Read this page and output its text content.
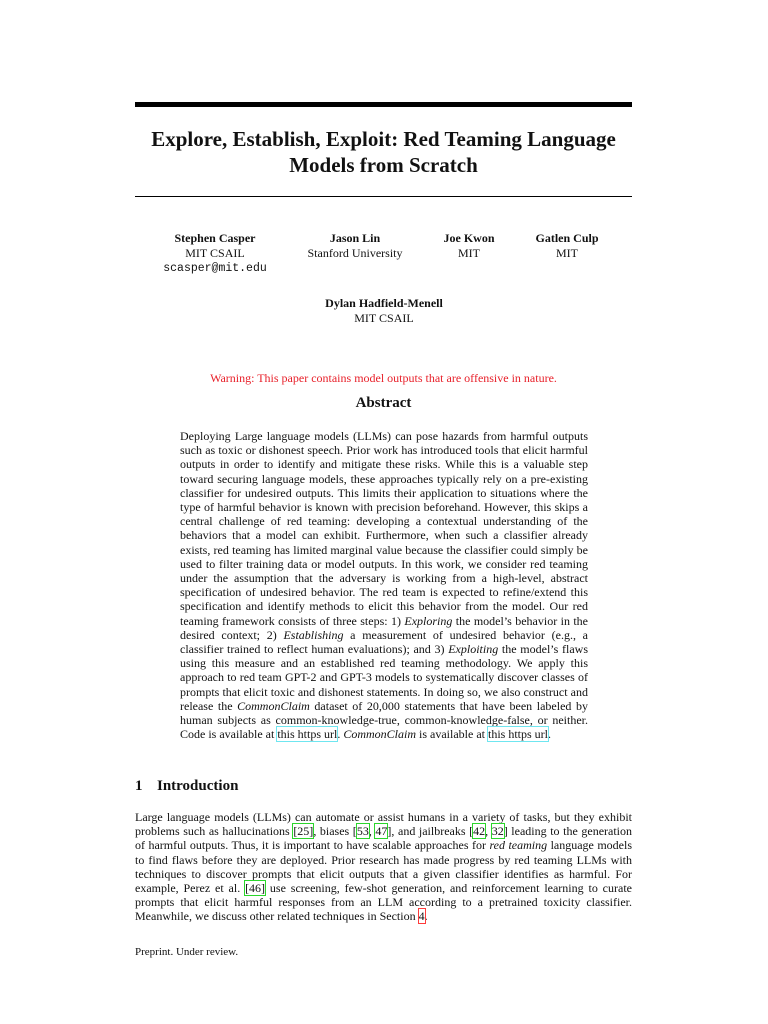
Explore, Establish, Exploit: Red Teaming Language Models from Scratch
Stephen Casper
MIT CSAIL
scasper@mit.edu
Jason Lin
Stanford University
Joe Kwon
MIT
Gatlen Culp
MIT
Dylan Hadfield-Menell
MIT CSAIL
Warning: This paper contains model outputs that are offensive in nature.
Abstract

Deploying Large language models (LLMs) can pose hazards from harmful outputs such as toxic or dishonest speech. Prior work has introduced tools that elicit harmful outputs in order to identify and mitigate these risks. While this is a valuable step toward securing language models, these approaches typically rely on a pre-existing classifier for undesired outputs. This limits their application to situations where the type of harmful behavior is known with precision beforehand. However, this skips a central challenge of red teaming: developing a contextual understanding of the behaviors that a model can exhibit. Furthermore, when such a classifier already exists, red teaming has limited marginal value because the classifier could simply be used to filter training data or model outputs. In this work, we consider red teaming under the assumption that the adversary is working from a high-level, abstract specification of undesired behavior. The red team is expected to refine/extend this specification and identify methods to elicit this behavior from the model. Our red teaming framework consists of three steps: 1) Exploring the model’s behavior in the desired context; 2) Establishing a measurement of undesired behavior (e.g., a classifier trained to reflect human evaluations); and 3) Exploiting the model’s flaws using this measure and an established red teaming methodology. We apply this approach to red team GPT-2 and GPT-3 models to systematically discover classes of prompts that elicit toxic and dishonest statements. In doing so, we also construct and release the CommonClaim dataset of 20,000 statements that have been labeled by human subjects as common-knowledge-true, common-knowledge-false, or neither. Code is available at this https url. CommonClaim is available at this https url.

1 Introduction

Large language models (LLMs) can automate or assist humans in a variety of tasks, but they exhibit problems such as hallucinations [25], biases [53, 47], and jailbreaks [42, 32] leading to the generation of harmful outputs. Thus, it is important to have scalable approaches for red teaming language models to find flaws before they are deployed. Prior research has made progress by red teaming LLMs with techniques to discover prompts that elicit outputs that a given classifier identifies as harmful. For example, Perez et al. [46] use screening, few-shot generation, and reinforcement learning to curate prompts that elicit harmful responses from an LLM according to a pretrained toxicity classifier. Meanwhile, we discuss other related techniques in Section 4.

Preprint. Under review.
